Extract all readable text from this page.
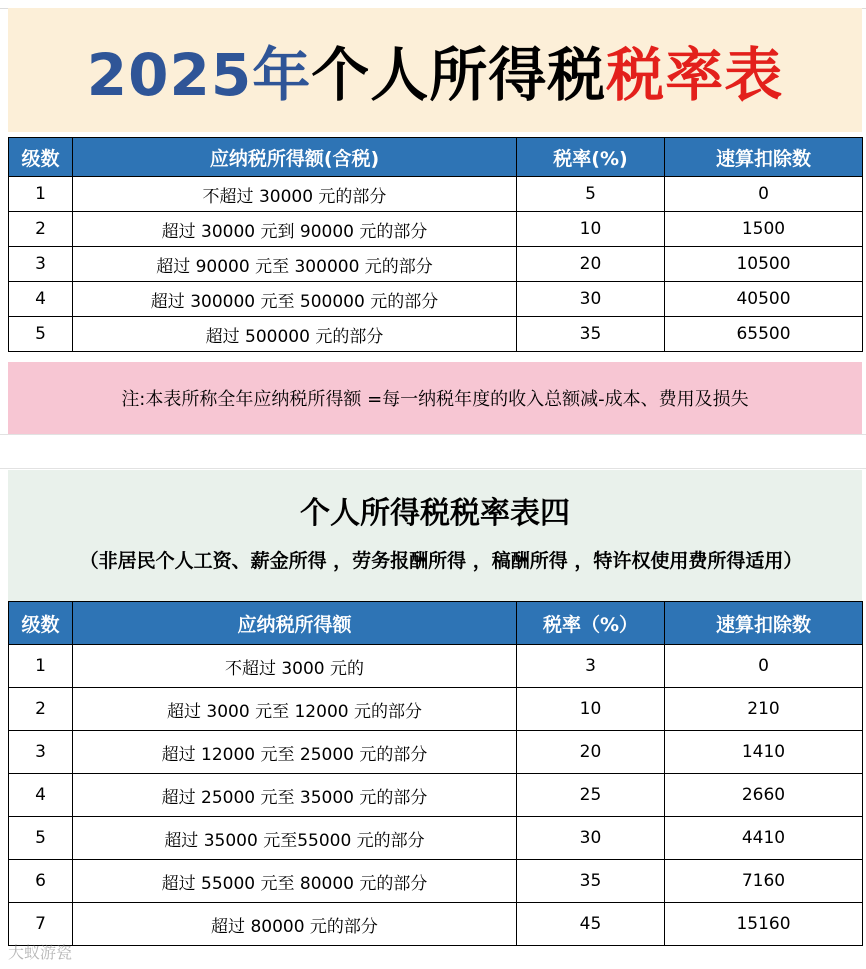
2025年 个人所得税 税率表
级数	应纳税所得额(含税)	税率(%)	速算扣除数
1	不超过 30000 元的部分	5	0
2	超过 30000 元到 90000 元的部分	10	1500
3	超过 90000 元至 300000 元的部分	20	10500
4	超过 300000 元至 500000 元的部分	30	40500
5	超过 500000 元的部分	35	65500
注:本表所称全年应纳税所得额 =每一纳税年度的收入总额减-成本、费用及损失
个人所得税税率表四
（非居民个人工资、薪金所得 ，劳务报酬所得 ，稿酬所得 ，特许权使用费所得适用）
级数	应纳税所得额	税率（%）	速算扣除数
1	不超过 3000 元的	3	0
2	超过 3000 元至 12000 元的部分	10	210
3	超过 12000 元至 25000 元的部分	20	1410
4	超过 25000 元至 35000 元的部分	25	2660
5	超过 35000 元至55000 元的部分	30	4410
6	超过 55000 元至 80000 元的部分	35	7160
7	超过 80000 元的部分	45	15160
大蚁游瓷
